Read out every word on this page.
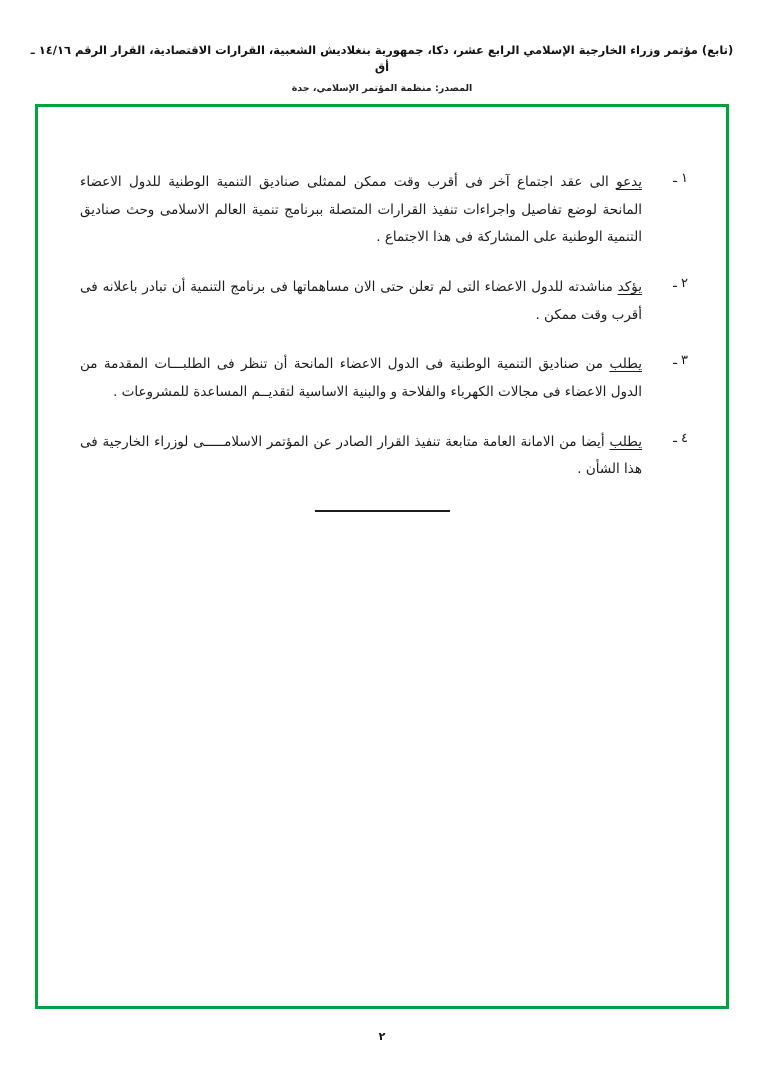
(تابع) مؤتمر وزراء الخارجية الإسلامي الرابع عشر، دكا، جمهورية بنغلاديش الشعبية، القرارات الاقتصادية، القرار الرقم ١٤/١٦ ـ أق
المصدر: منظمة المؤتمر الإسلامي، جدة
١ ـ
يدعو الى عقد اجتماع آخر فى أقرب وقت ممكن لممثلى صناديق التنمية الوطنية للدول الاعضاء المانحة لوضع تفاصيل واجراءات تنفيذ القرارات المتصلة ببرنامج تنمية العالم الاسلامى وحث صناديق التنمية الوطنية على المشاركة فى هذا الاجتماع .
٢ ـ
يؤكد مناشدته للدول الاعضاء التى لم تعلن حتى الان مساهماتها فى برنامج التنمية أن تبادر باعلانه فى أقرب وقت ممكن .
٣ ـ
يطلب من صناديق التنمية الوطنية فى الدول الاعضاء المانحة أن تنظر فى الطلبـــات المقدمة من الدول الاعضاء فى مجالات الكهرباء والفلاحة و والبنية الاساسية لتقديــم المساعدة للمشروعات .
٤ ـ
يطلب أيضا من الامانة العامة متابعة تنفيذ القرار الصادر عن المؤتمر الاسلامـــــى لوزراء الخارجية فى هذا الشأن .
٢
